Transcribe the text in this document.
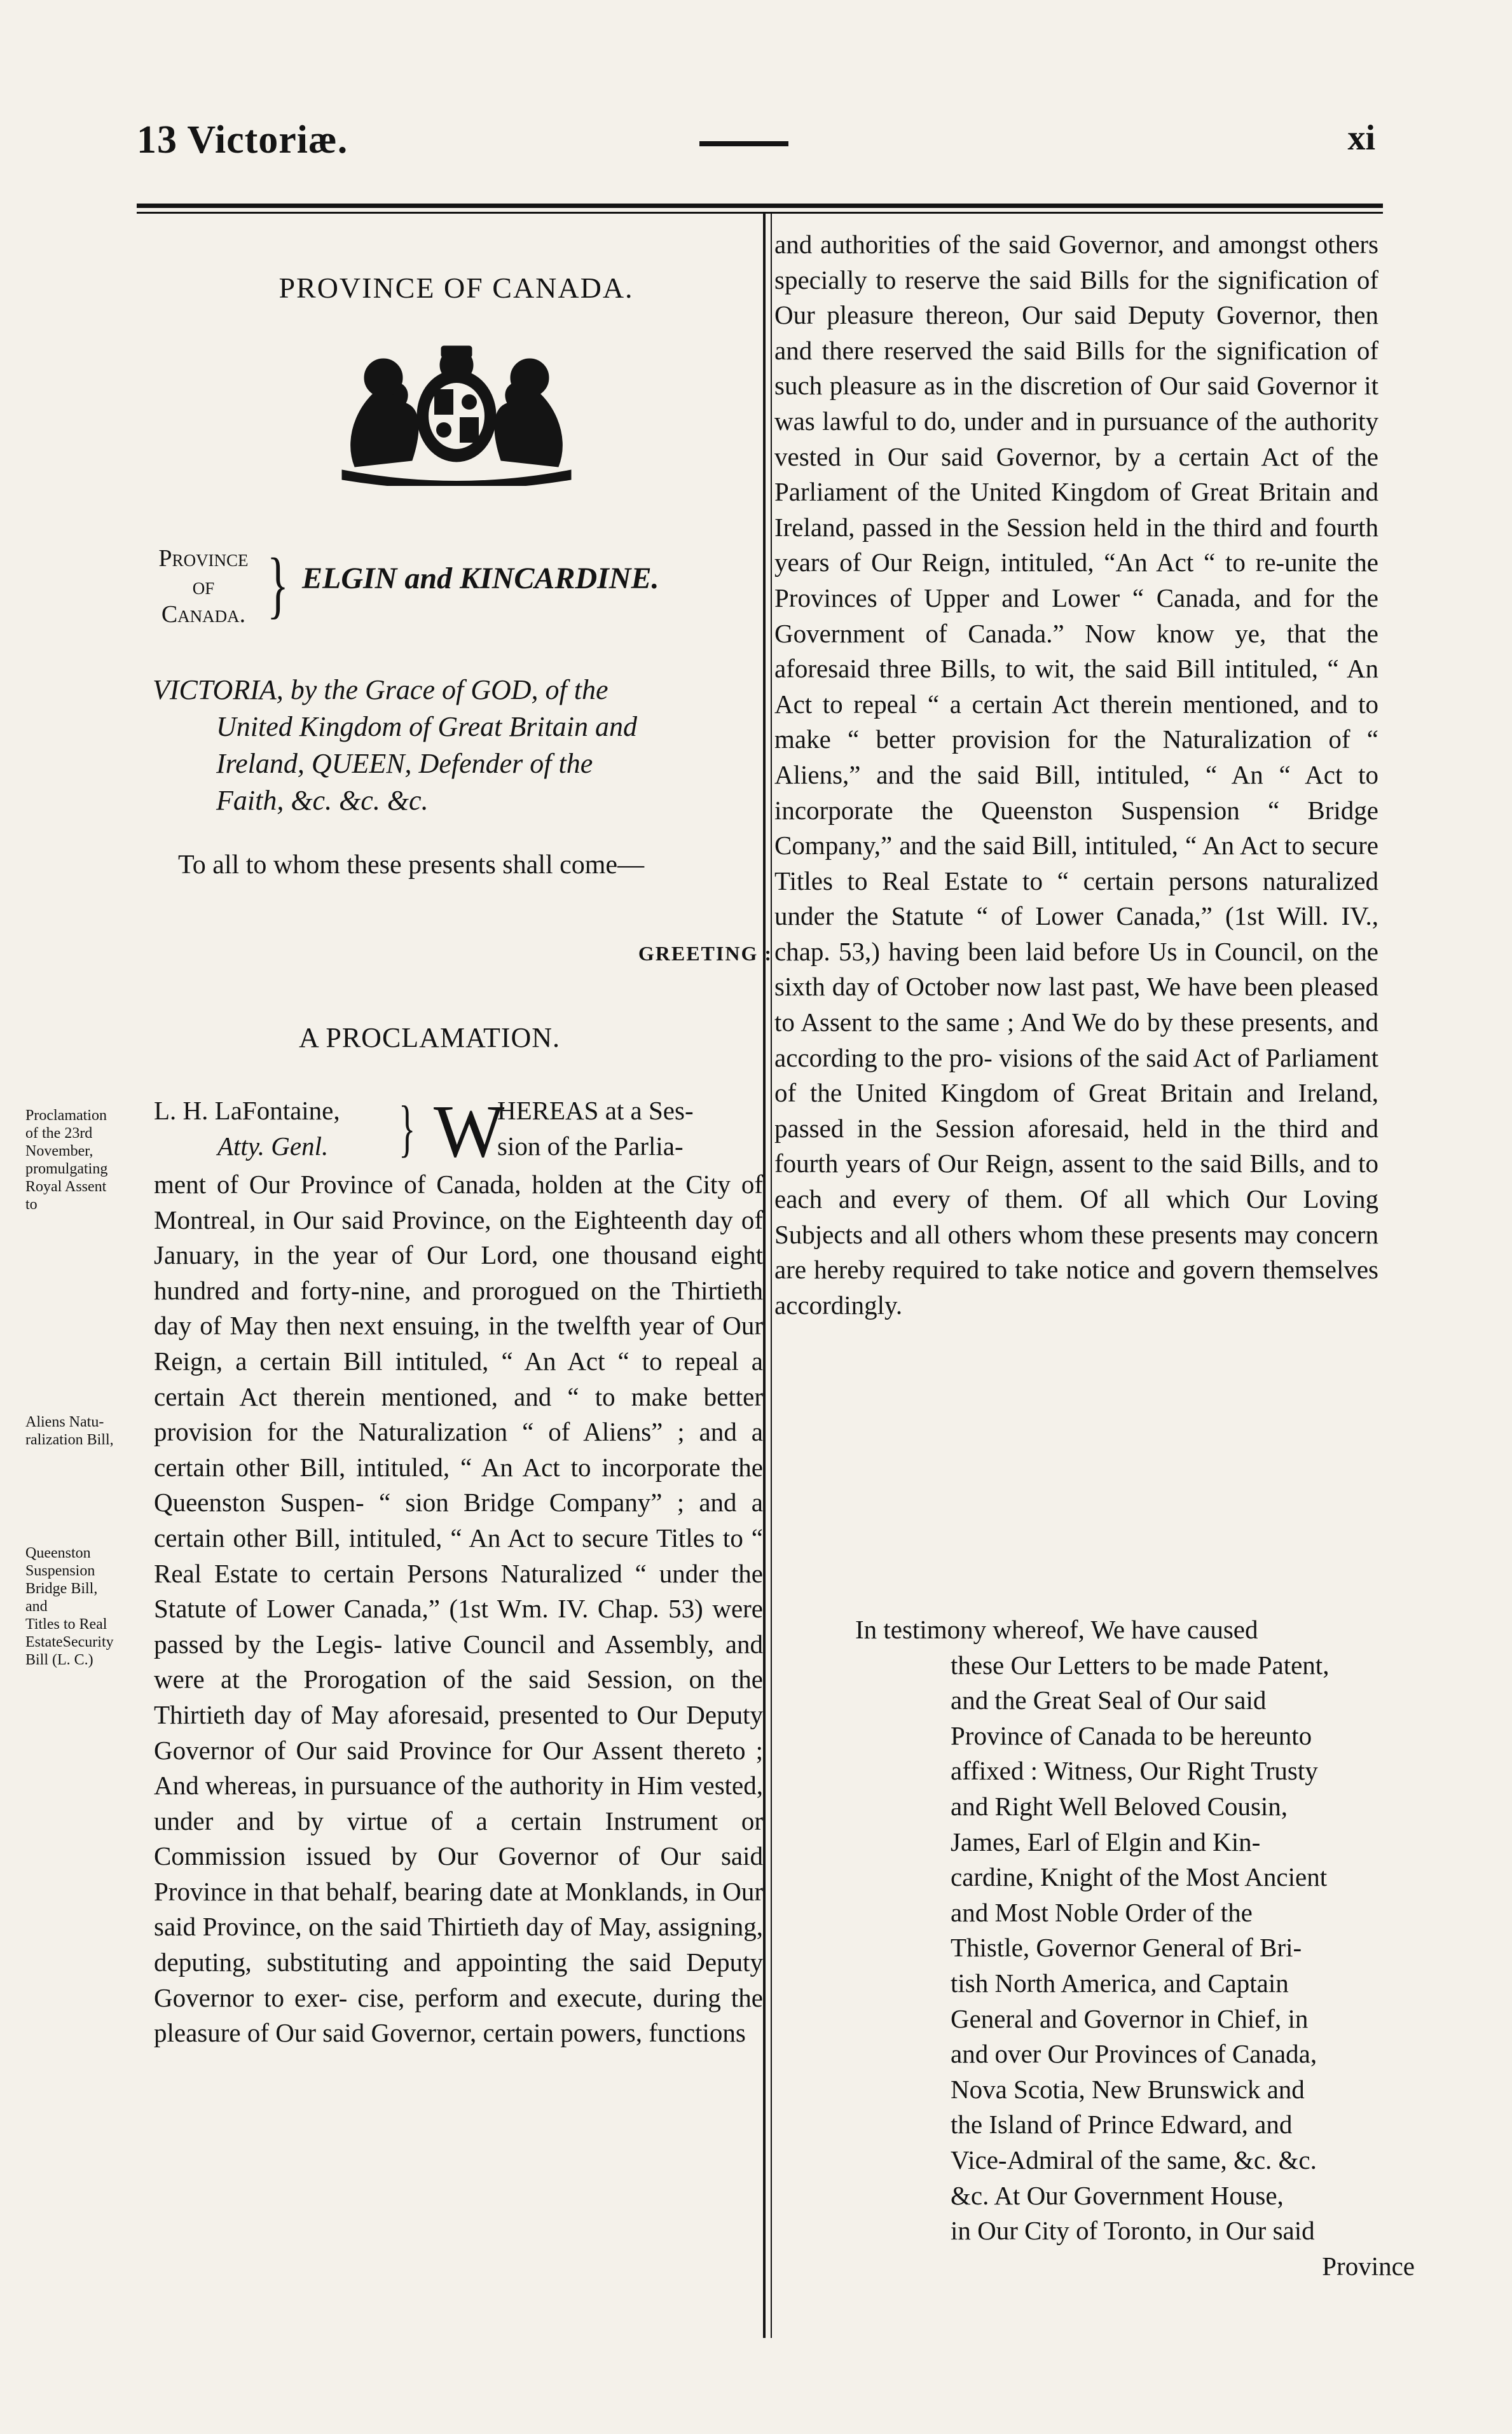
13 Victoriæ.	xi
PROVINCE OF CANADA.
Province
of
Canada. } ELGIN and KINCARDINE.
VICTORIA, by the Grace of GOD, of the
United Kingdom of Great Britain and
Ireland, QUEEN, Defender of the
Faith, &c. &c. &c.
To all to whom these presents shall come—
GREETING :
A PROCLAMATION.
Proclamation
of the 23rd
November,
promulgating
Royal Assent
to
Aliens Natu-
ralization Bill,
Queenston
Suspension
Bridge Bill,
and
Titles to Real
EstateSecurity
Bill (L. C.)
L. H. LaFontaine,
Atty. Genl. } W
HEREAS at a Ses-
sion of the Parlia-
ment of Our Province of Canada, holden at the City of Montreal, in Our said Province, on the Eighteenth day of January, in the year of Our Lord, one thousand eight hundred and forty-nine, and prorogued on the Thirtieth day of May then next ensuing, in the twelfth year of Our Reign, a certain Bill intituled, “ An Act “ to repeal a certain Act therein mentioned, and “ to make better provision for the Naturalization “ of Aliens” ; and a certain other Bill, intituled, “ An Act to incorporate the Queenston Suspen- “ sion Bridge Company” ; and a certain other Bill, intituled, “ An Act to secure Titles to “ Real Estate to certain Persons Naturalized “ under the Statute of Lower Canada,” (1st Wm. IV. Chap. 53) were passed by the Legis- lative Council and Assembly, and were at the Prorogation of the said Session, on the Thirtieth day of May aforesaid, presented to Our Deputy Governor of Our said Province for Our Assent thereto ; And whereas, in pursuance of the authority in Him vested, under and by virtue of a certain Instrument or Commission issued by Our Governor of Our said Province in that behalf, bearing date at Monklands, in Our said Province, on the said Thirtieth day of May, assigning, deputing, substituting and appointing the said Deputy Governor to exer- cise, perform and execute, during the pleasure of Our said Governor, certain powers, functions
and authorities of the said Governor, and amongst others specially to reserve the said Bills for the signification of Our pleasure thereon, Our said Deputy Governor, then and there reserved the said Bills for the signification of such pleasure as in the discretion of Our said Governor it was lawful to do, under and in pursuance of the authority vested in Our said Governor, by a certain Act of the Parliament of the United Kingdom of Great Britain and Ireland, passed in the Session held in the third and fourth years of Our Reign, intituled, “An Act “ to re-unite the Provinces of Upper and Lower “ Canada, and for the Government of Canada.” Now know ye, that the aforesaid three Bills, to wit, the said Bill intituled, “ An Act to repeal “ a certain Act therein mentioned, and to make “ better provision for the Naturalization of “ Aliens,” and the said Bill, intituled, “ An “ Act to incorporate the Queenston Suspension “ Bridge Company,” and the said Bill, intituled, “ An Act to secure Titles to Real Estate to “ certain persons naturalized under the Statute “ of Lower Canada,” (1st Will. IV., chap. 53,) having been laid before Us in Council, on the sixth day of October now last past, We have been pleased to Assent to the same ; And We do by these presents, and according to the pro- visions of the said Act of Parliament of the United Kingdom of Great Britain and Ireland, passed in the Session aforesaid, held in the third and fourth years of Our Reign, assent to the said Bills, and to each and every of them. Of all which Our Loving Subjects and all others whom these presents may concern are hereby required to take notice and govern themselves accordingly.
In testimony whereof, We have caused
these Our Letters to be made Patent,
and the Great Seal of Our said
Province of Canada to be hereunto
affixed : Witness, Our Right Trusty
and Right Well Beloved Cousin,
James, Earl of Elgin and Kin-
cardine, Knight of the Most Ancient
and Most Noble Order of the
Thistle, Governor General of Bri-
tish North America, and Captain
General and Governor in Chief, in
and over Our Provinces of Canada,
Nova Scotia, New Brunswick and
the Island of Prince Edward, and
Vice-Admiral of the same, &c. &c.
&c. At Our Government House,
in Our City of Toronto, in Our said
Province
